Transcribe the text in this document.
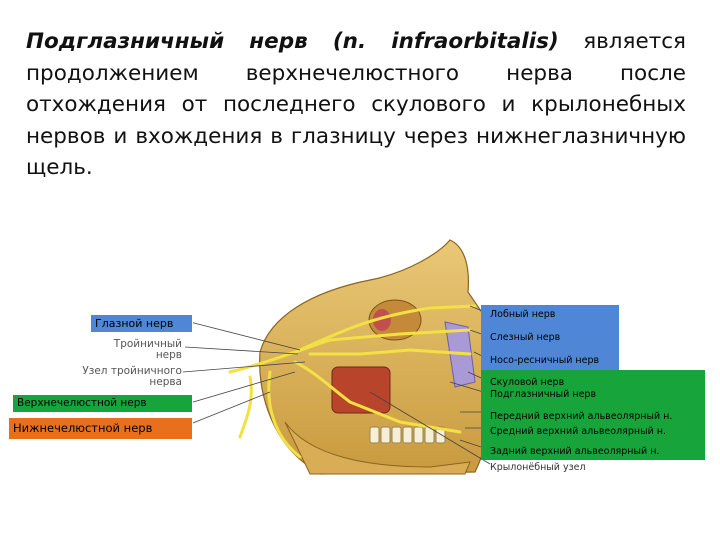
Подглазничный нерв (n. infraorbitalis) является продолжением верхнечелюстного нерва после отхождения от последнего скулового и крылонебных нервов и вхождения в глазницу через нижнеглазничную щель.
Лобный нерв
Слезный нерв
Носо-ресничный нерв
Скуловой нерв
Подглазничный нерв
Передний верхний альвеолярный н.
Средний верхний альвеолярный н.
Задний верхний альвеолярный н.
Крылонёбный узел
Тройничный
нерв
Узел тройничного
нерва
Глазной нерв
Верхнечелюстной нерв
Нижнечелюстной нерв
